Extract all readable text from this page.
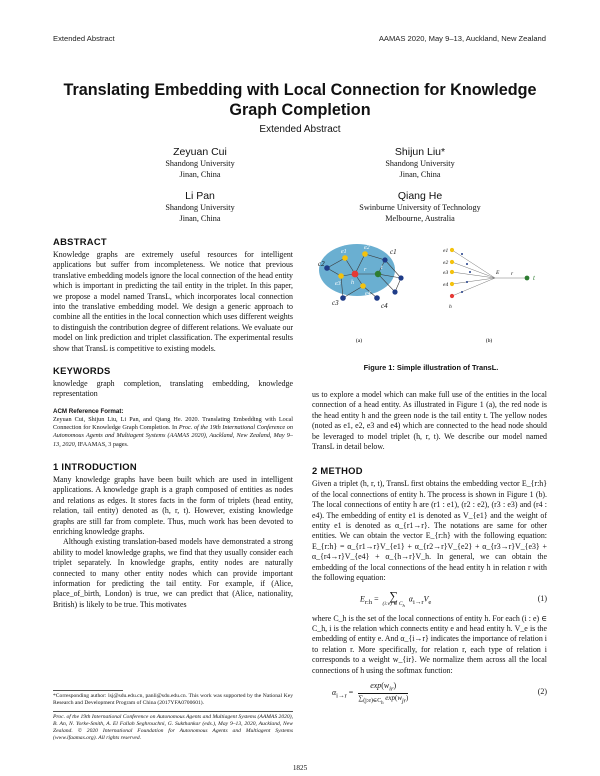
Extended Abstract	AAMAS 2020, May 9–13, Auckland, New Zealand
Translating Embedding with Local Connection for Knowledge Graph Completion
Extended Abstract
Zeyuan Cui
Shandong University
Jinan, China
Shijun Liu*
Shandong University
Jinan, China
Li Pan
Shandong University
Jinan, China
Qiang He
Swinburne University of Technology
Melbourne, Australia
ABSTRACT
Knowledge graphs are extremely useful resources for intelligent applications but suffer from incompleteness. We notice that previous translative embedding models ignore the local connection of the head entity which is important in predicting the tail entity in the triplet. In this paper, we propose a model named TransL, which incorporates local connection into the translative embedding model. We design a generic approach to combine all the entities in the local connection which uses different weights to distinguish the contribution degree of different relations. We evaluate our model on link prediction and triplet classification. The experimental results show that TransL is competitive to existing models.
KEYWORDS
knowledge graph completion, translating embedding, knowledge representation
ACM Reference Format:
Zeyuan Cui, Shijun Liu, Li Pan, and Qiang He. 2020. Translating Embedding with Local Connection for Knowledge Graph Completion. In Proc. of the 19th International Conference on Autonomous Agents and Multiagent Systems (AAMAS 2020), Auckland, New Zealand, May 9–13, 2020, IFAAMAS, 3 pages.
1 INTRODUCTION
Many knowledge graphs have been built which are used in intelligent applications. A knowledge graph is a graph composed of entities as nodes and relations as edges. It stores facts in the form of triplets (head entity, relation, tail entity) denoted as (h, r, t). However, existing knowledge graphs are still far from complete. Thus, much work has been devoted to enriching knowledge graphs.
Although existing translation-based models have demonstrated a strong ability to model knowledge graphs, we find that they usually consider each triplet separately. In knowledge graphs, entity nodes are naturally connected to many other entity nodes which can provide important information for predicting the tail entity. For example, if (Alice, place_of_birth, London) is true, we can predict that (Alice, nationality, British) is likely to be true. This motivates
*Corresponding author: lsj@sdu.edu.cn, panli@sdu.edu.cn. This work was supported by the National Key Research and Development Program of China (2017YFA0700601).
Proc. of the 19th International Conference on Autonomous Agents and Multiagent Systems (AAMAS 2020), B. An, N. Yorke-Smith, A. El Fallah Seghrouchni, G. Sukthankar (eds.), May 9–13, 2020, Auckland, New Zealand. © 2020 International Foundation for Autonomous Agents and Multiagent Systems (www.ifaamas.org). All rights reserved.
c1
c2
c3	c4
e1
e2
e3
e4
r
h
t
(a)
e1
e2
e3
e4
E r	t
h
(b)
Figure 1: Simple illustration of TransL.
us to explore a model which can make full use of the entities in the local connection of a head entity. As illustrated in Figure 1 (a), the red node is the head entity h and the green node is the tail entity t. The yellow nodes (noted as e1, e2, e3 and e4) which are connected to the head node should be leveraged to model triplet (h, r, t). We describe our model named TransL in detail below.
2 METHOD
Given a triplet (h, r, t), TransL first obtains the embedding vector E_{r:h} of the local connections of entity h. The process is shown in Figure 1 (b). The local connections of entity h are (r1 : e1), (r2 : e2), (r3 : e3) and (r4 : e4). The embedding of entity e1 is denoted as V_{e1} and the weight of entity e1 is denoted as α_{r1→r}. The notations are same for other entities. We can obtain the vector E_{r:h} with the following equation: E_{r:h} = α_{r1→r}V_{e1} + α_{r2→r}V_{e2} + α_{r3→r}V_{e3} + α_{r4→r}V_{e4} + α_{h→r}V_h. In general, we can obtain the embedding of the local connections of the head entity h in relation r with the following equation:
$E_{r:h}$ = ∑
(i:e) ∈ $C_h$
$\alpha_{i\to r}V_e$	(1)
where C_h is the set of the local connections of entity h. For each (i : e) ∈ C_h, i is the relation which connects entity e and head entity h. V_e is the embedding of entity e. And α_{i→r} indicates the importance of relation i to relation r. More specifically, for relation r, each type of relation i corresponds to a weight w_{ir}. We normalize them across all the local connections of h using the softmax function:
$\alpha_{i\to r}$ =
$\exp(w_{ir})$
$\sum_{(j:e)\in C_h}$ $\exp(w_{jr})$
(2)
1825
